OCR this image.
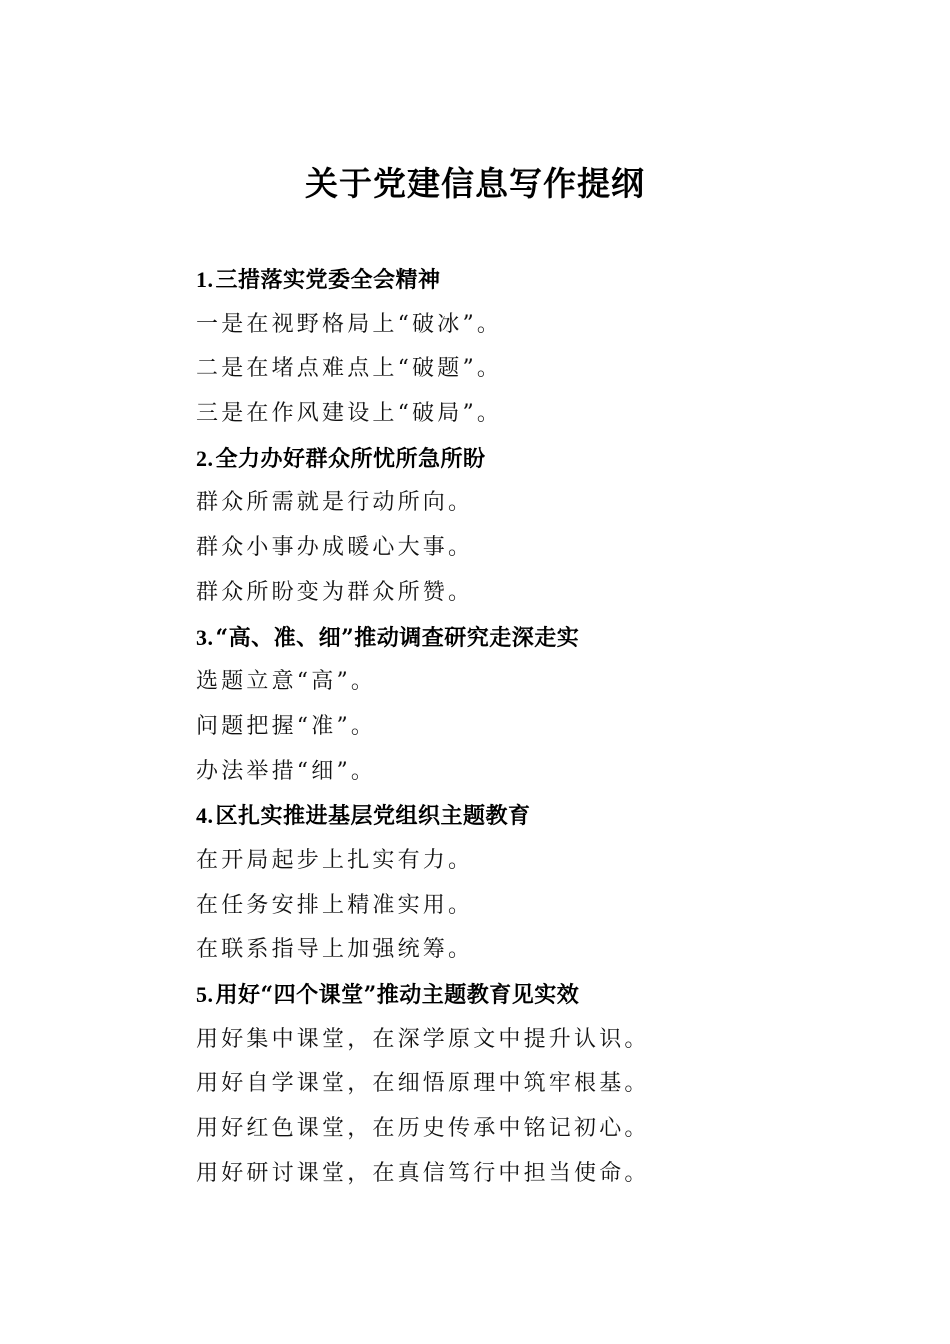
关于党建信息写作提纲
1.三措落实党委全会精神
一是在视野格局上“破冰”。
二是在堵点难点上“破题”。
三是在作风建设上“破局”。
2.全力办好群众所忧所急所盼
群众所需就是行动所向。
群众小事办成暖心大事。
群众所盼变为群众所赞。
3.“高、准、细”推动调查研究走深走实
选题立意“高”。
问题把握“准”。
办法举措“细”。
4.区扎实推进基层党组织主题教育
在开局起步上扎实有力。
在任务安排上精准实用。
在联系指导上加强统筹。
5.用好“四个课堂”推动主题教育见实效
用好集中课堂，在深学原文中提升认识。
用好自学课堂，在细悟原理中筑牢根基。
用好红色课堂，在历史传承中铭记初心。
用好研讨课堂，在真信笃行中担当使命。
